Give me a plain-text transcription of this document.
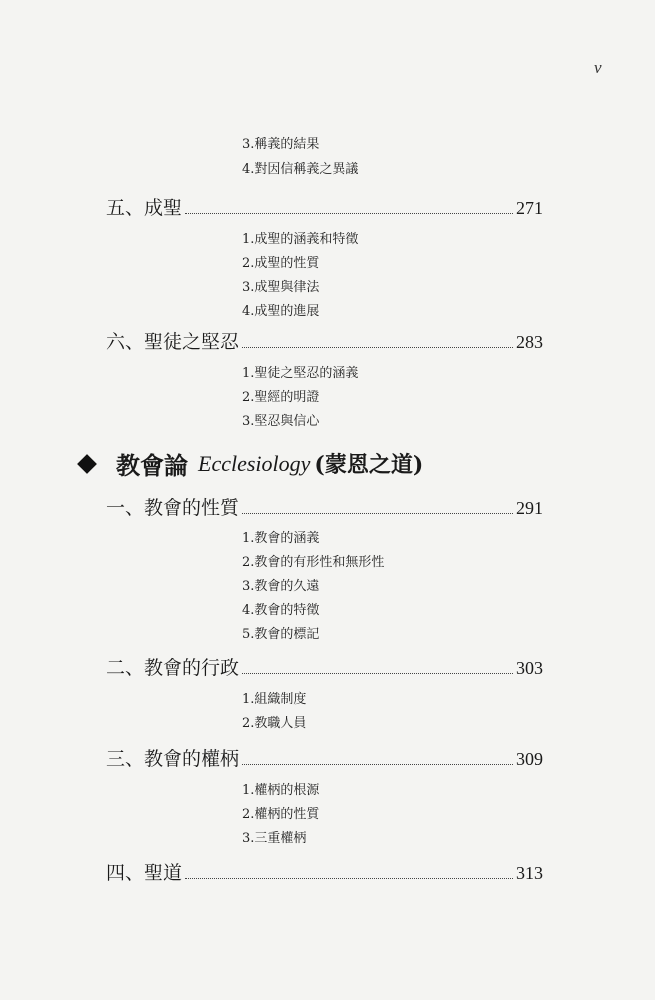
v
3.稱義的結果
4.對因信稱義之異議
五、成聖	271
1.成聖的涵義和特徵
2.成聖的性質
3.成聖與律法
4.成聖的進展
六、聖徒之堅忍	283
1.聖徒之堅忍的涵義
2.聖經的明證
3.堅忍與信心
教會論 Ecclesiology (蒙恩之道)
一、教會的性質	291
1.教會的涵義
2.教會的有形性和無形性
3.教會的久遠
4.教會的特徵
5.教會的標記
二、教會的行政	303
1.組織制度
2.教職人員
三、教會的權柄	309
1.權柄的根源
2.權柄的性質
3.三重權柄
四、聖道	313
